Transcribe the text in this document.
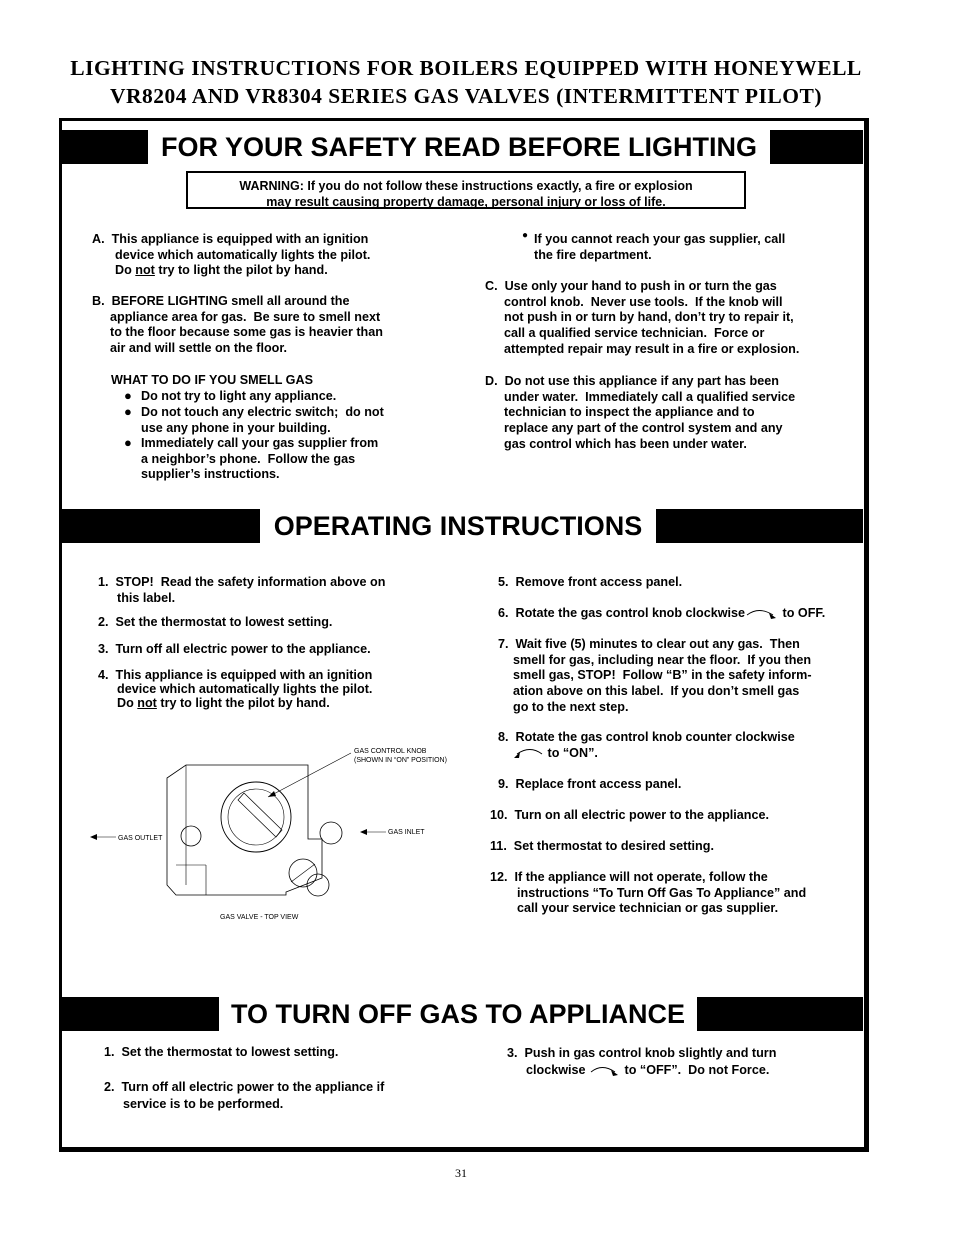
LIGHTING INSTRUCTIONS FOR BOILERS EQUIPPED WITH HONEYWELL
VR8204 AND VR8304 SERIES GAS VALVES (INTERMITTENT PILOT)
FOR YOUR SAFETY READ BEFORE LIGHTING
WARNING: If you do not follow these instructions exactly, a fire or explosion
may result causing property damage, personal injury or loss of life.
A.  This appliance is equipped with an ignition
device which automatically lights the pilot.
Do not try to light the pilot by hand.
B.  BEFORE LIGHTING smell all around the
appliance area for gas.  Be sure to smell next
to the floor because some gas is heavier than
air and will settle on the floor.
WHAT TO DO IF YOU SMELL GAS
● Do not try to light any appliance.
● Do not touch any electric switch;  do not
use any phone in your building.
● Immediately call your gas supplier from
a neighbor’s phone.  Follow the gas
supplier’s instructions.
● If you cannot reach your gas supplier, call
the fire department.
C.  Use only your hand to push in or turn the gas
control knob.  Never use tools.  If the knob will
not push in or turn by hand, don’t try to repair it,
call a qualified service technician.  Force or
attempted repair may result in a fire or explosion.
D.  Do not use this appliance if any part has been
under water.  Immediately call a qualified service
technician to inspect the appliance and to
replace any part of the control system and any
gas control which has been under water.
OPERATING INSTRUCTIONS
1.  STOP!  Read the safety information above on
this label.
2.  Set the thermostat to lowest setting.
3.  Turn off all electric power to the appliance.
4.  This appliance is equipped with an ignition
device which automatically lights the pilot.
Do not try to light the pilot by hand.
GAS CONTROL KNOB
(SHOWN IN “ON” POSITION)
GAS OUTLET
GAS INLET
GAS VALVE - TOP VIEW
5.  Remove front access panel.
6.  Rotate the gas control knob clockwise	to OFF.
7.  Wait five (5) minutes to clear out any gas.  Then
smell for gas, including near the floor.  If you then
smell gas, STOP!  Follow “B” in the safety inform-
ation above on this label.  If you don’t smell gas
go to the next step.
8.  Rotate the gas control knob counter clockwise
to “ON”.
9.  Replace front access panel.
10.  Turn on all electric power to the appliance.
11.  Set thermostat to desired setting.
12.  If the appliance will not operate, follow the
instructions “To Turn Off Gas To Appliance” and
call your service technician or gas supplier.
TO TURN OFF GAS TO APPLIANCE
1.  Set the thermostat to lowest setting.
2.  Turn off all electric power to the appliance if
service is to be performed.
3.  Push in gas control knob slightly and turn
clockwise	to “OFF”.  Do not Force.
31
